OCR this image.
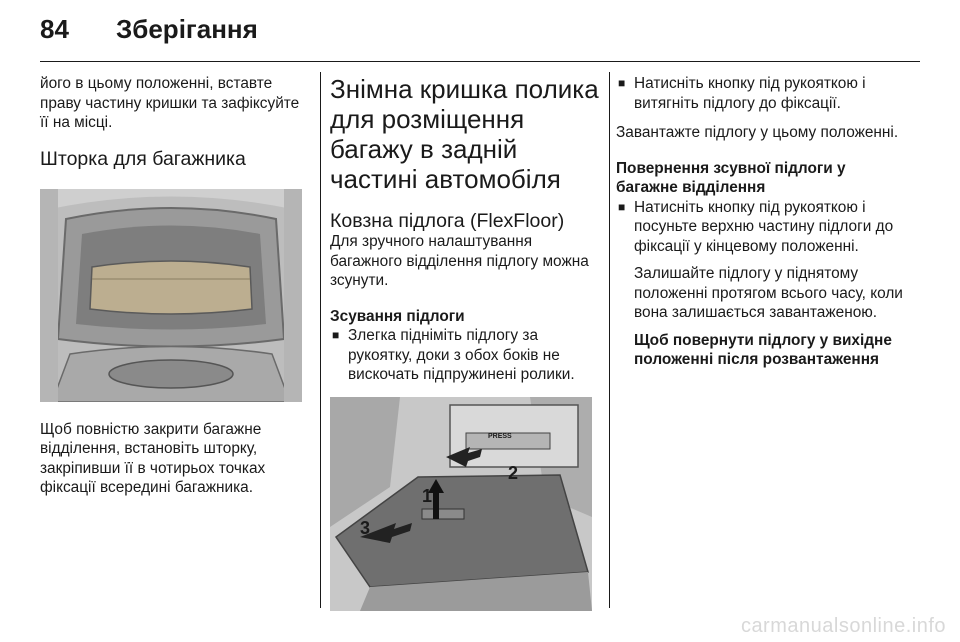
84 Зберігання

його в цьому положенні, вставте праву частину кришки та зафіксуйте її на місці.

Шторка для багажника

Щоб повністю закрити багажне відділення, встановіть шторку, закріпивши її в чотирьох точках фіксації всередині багажника.

Знімна кришка полика для розміщення багажу в задній частині автомобіля
Ковзна підлога (FlexFloor)

Для зручного налаштування багажного відділення підлогу можна зсунути.

Зсування підлоги
■ Злегка підніміть підлогу за рукоятку, доки з обох боків не вискочать підпружинені ролики.
1
2
3
PRESS
■ Натисніть кнопку під рукояткою і витягніть підлогу до фіксації.

Завантажте підлогу у цьому положенні.

Повернення зсувної підлоги у багажне відділення
■ Натисніть кнопку під рукояткою і посуньте верхню частину підлоги до фіксації у кінцевому положенні.

Залишайте підлогу у піднятому положенні протягом всього часу, коли вона залишається завантаженою.

Щоб повернути підлогу у вихідне положенні після розвантаження

carmanualsonline.info
